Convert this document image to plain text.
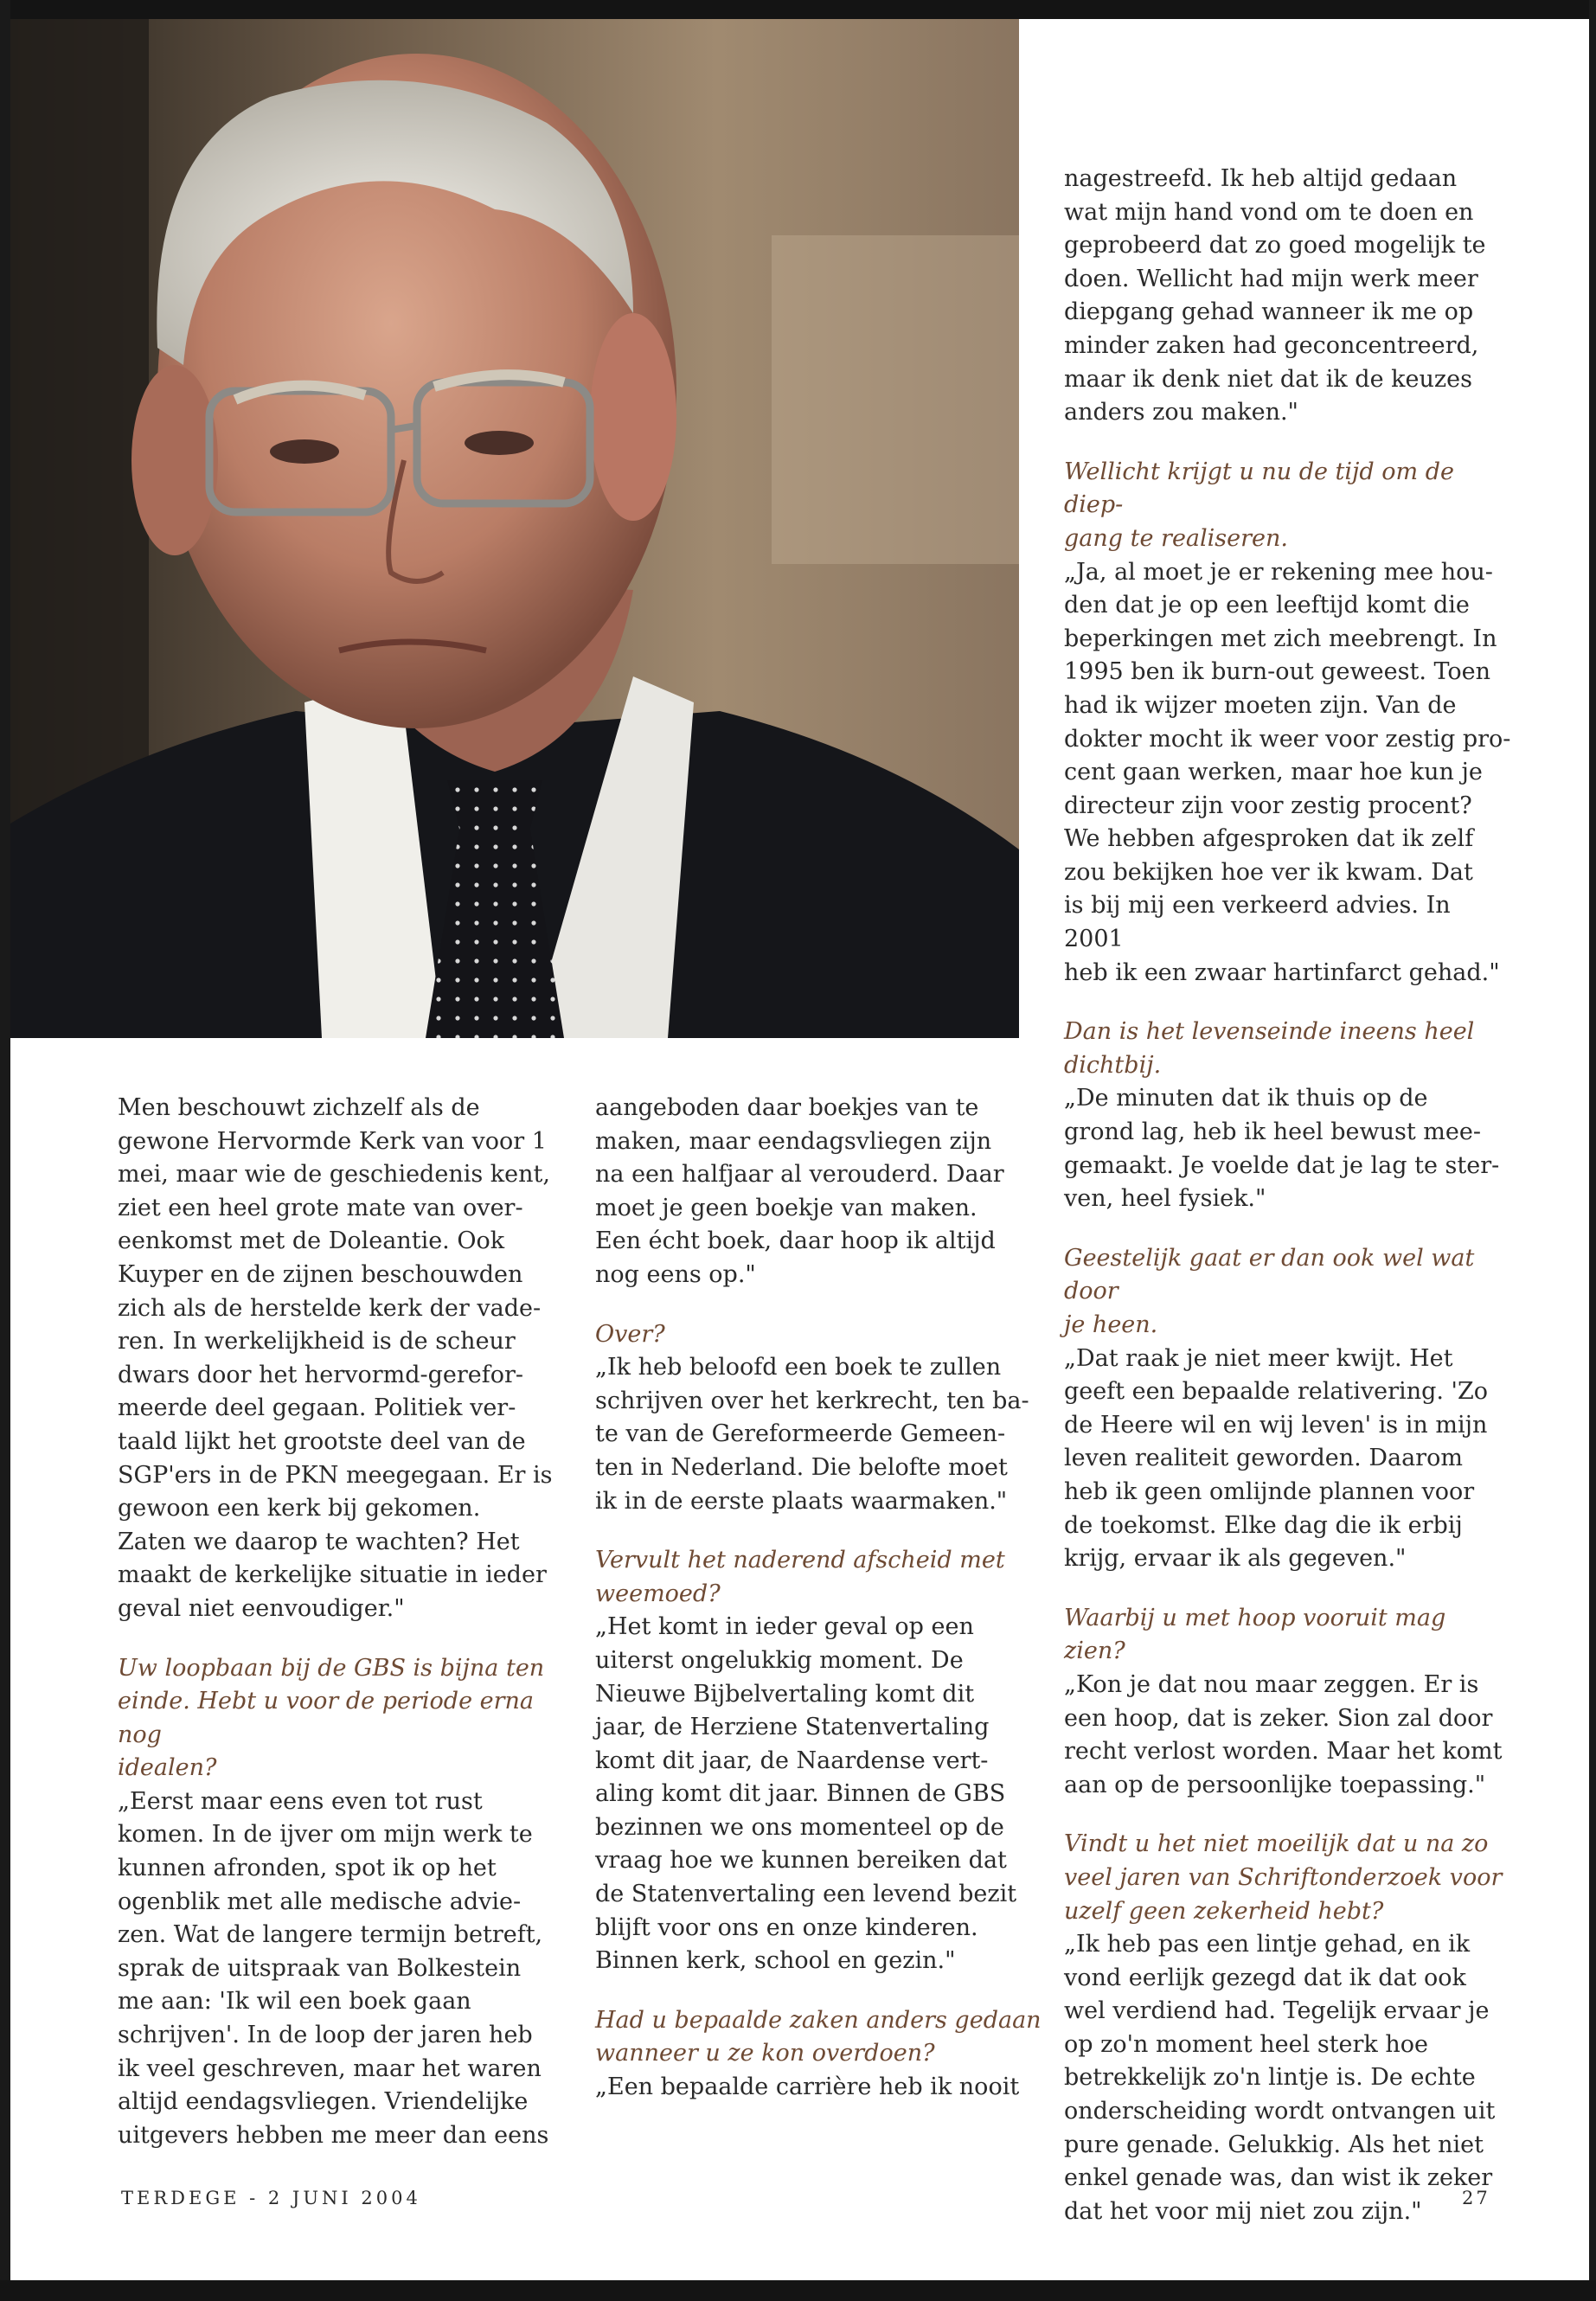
Men beschouwt zichzelf als de
gewone Hervormde Kerk van voor 1
mei, maar wie de geschiedenis kent,
ziet een heel grote mate van over-
eenkomst met de Doleantie. Ook
Kuyper en de zijnen beschouwden
zich als de herstelde kerk der vade-
ren. In werkelijkheid is de scheur
dwars door het hervormd-gerefor-
meerde deel gegaan. Politiek ver-
taald lijkt het grootste deel van de
SGP'ers in de PKN meegegaan. Er is
gewoon een kerk bij gekomen.
Zaten we daarop te wachten? Het
maakt de kerkelijke situatie in ieder
geval niet eenvoudiger."

Uw loopbaan bij de GBS is bijna ten
einde. Hebt u voor de periode erna nog
idealen?

„Eerst maar eens even tot rust
komen. In de ijver om mijn werk te
kunnen afronden, spot ik op het
ogenblik met alle medische advie-
zen. Wat de langere termijn betreft,
sprak de uitspraak van Bolkestein
me aan: 'Ik wil een boek gaan
schrijven'. In de loop der jaren heb
ik veel geschreven, maar het waren
altijd eendagsvliegen. Vriendelijke
uitgevers hebben me meer dan eens

aangeboden daar boekjes van te
maken, maar eendagsvliegen zijn
na een halfjaar al verouderd. Daar
moet je geen boekje van maken.
Een écht boek, daar hoop ik altijd
nog eens op."

Over?

„Ik heb beloofd een boek te zullen
schrijven over het kerkrecht, ten ba-
te van de Gereformeerde Gemeen-
ten in Nederland. Die belofte moet
ik in de eerste plaats waarmaken."

Vervult het naderend afscheid met
weemoed?

„Het komt in ieder geval op een
uiterst ongelukkig moment. De
Nieuwe Bijbelvertaling komt dit
jaar, de Herziene Statenvertaling
komt dit jaar, de Naardense vert-
aling komt dit jaar. Binnen de GBS
bezinnen we ons momenteel op de
vraag hoe we kunnen bereiken dat
de Statenvertaling een levend bezit
blijft voor ons en onze kinderen.
Binnen kerk, school en gezin."

Had u bepaalde zaken anders gedaan
wanneer u ze kon overdoen?

„Een bepaalde carrière heb ik nooit

nagestreefd. Ik heb altijd gedaan
wat mijn hand vond om te doen en
geprobeerd dat zo goed mogelijk te
doen. Wellicht had mijn werk meer
diepgang gehad wanneer ik me op
minder zaken had geconcentreerd,
maar ik denk niet dat ik de keuzes
anders zou maken."

Wellicht krijgt u nu de tijd om de diep-
gang te realiseren.

„Ja, al moet je er rekening mee hou-
den dat je op een leeftijd komt die
beperkingen met zich meebrengt. In
1995 ben ik burn-out geweest. Toen
had ik wijzer moeten zijn. Van de
dokter mocht ik weer voor zestig pro-
cent gaan werken, maar hoe kun je
directeur zijn voor zestig procent?
We hebben afgesproken dat ik zelf
zou bekijken hoe ver ik kwam. Dat
is bij mij een verkeerd advies. In 2001
heb ik een zwaar hartinfarct gehad."

Dan is het levenseinde ineens heel
dichtbij.

„De minuten dat ik thuis op de
grond lag, heb ik heel bewust mee-
gemaakt. Je voelde dat je lag te ster-
ven, heel fysiek."

Geestelijk gaat er dan ook wel wat door
je heen.

„Dat raak je niet meer kwijt. Het
geeft een bepaalde relativering. 'Zo
de Heere wil en wij leven' is in mijn
leven realiteit geworden. Daarom
heb ik geen omlijnde plannen voor
de toekomst. Elke dag die ik erbij
krijg, ervaar ik als gegeven."

Waarbij u met hoop vooruit mag zien?

„Kon je dat nou maar zeggen. Er is
een hoop, dat is zeker. Sion zal door
recht verlost worden. Maar het komt
aan op de persoonlijke toepassing."

Vindt u het niet moeilijk dat u na zo
veel jaren van Schriftonderzoek voor
uzelf geen zekerheid hebt?

„Ik heb pas een lintje gehad, en ik
vond eerlijk gezegd dat ik dat ook
wel verdiend had. Tegelijk ervaar je
op zo'n moment heel sterk hoe
betrekkelijk zo'n lintje is. De echte
onderscheiding wordt ontvangen uit
pure genade. Gelukkig. Als het niet
enkel genade was, dan wist ik zeker
dat het voor mij niet zou zijn."

TERDEGE - 2 JUNI 2004	27
